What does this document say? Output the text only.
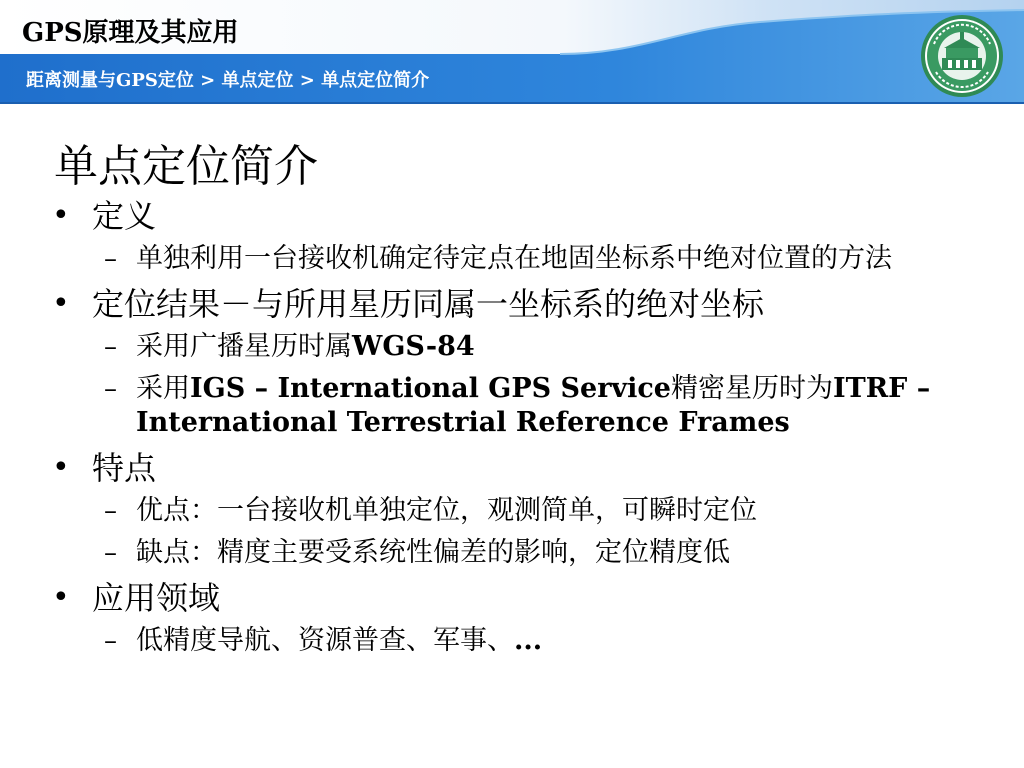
GPS原理及其应用
距离测量与GPS定位 > 单点定位 > 单点定位简介
单点定位简介
• 定义
– 单独利用一台接收机确定待定点在地固坐标系中绝对位置的方法
• 定位结果－与所用星历同属一坐标系的绝对坐标
– 采用广播星历时属WGS-84
– 采用IGS – International GPS Service精密星历时为ITRF – International Terrestrial Reference Frames
• 特点
– 优点：一台接收机单独定位，观测简单，可瞬时定位
– 缺点：精度主要受系统性偏差的影响，定位精度低
• 应用领域
– 低精度导航、资源普查、军事、...
